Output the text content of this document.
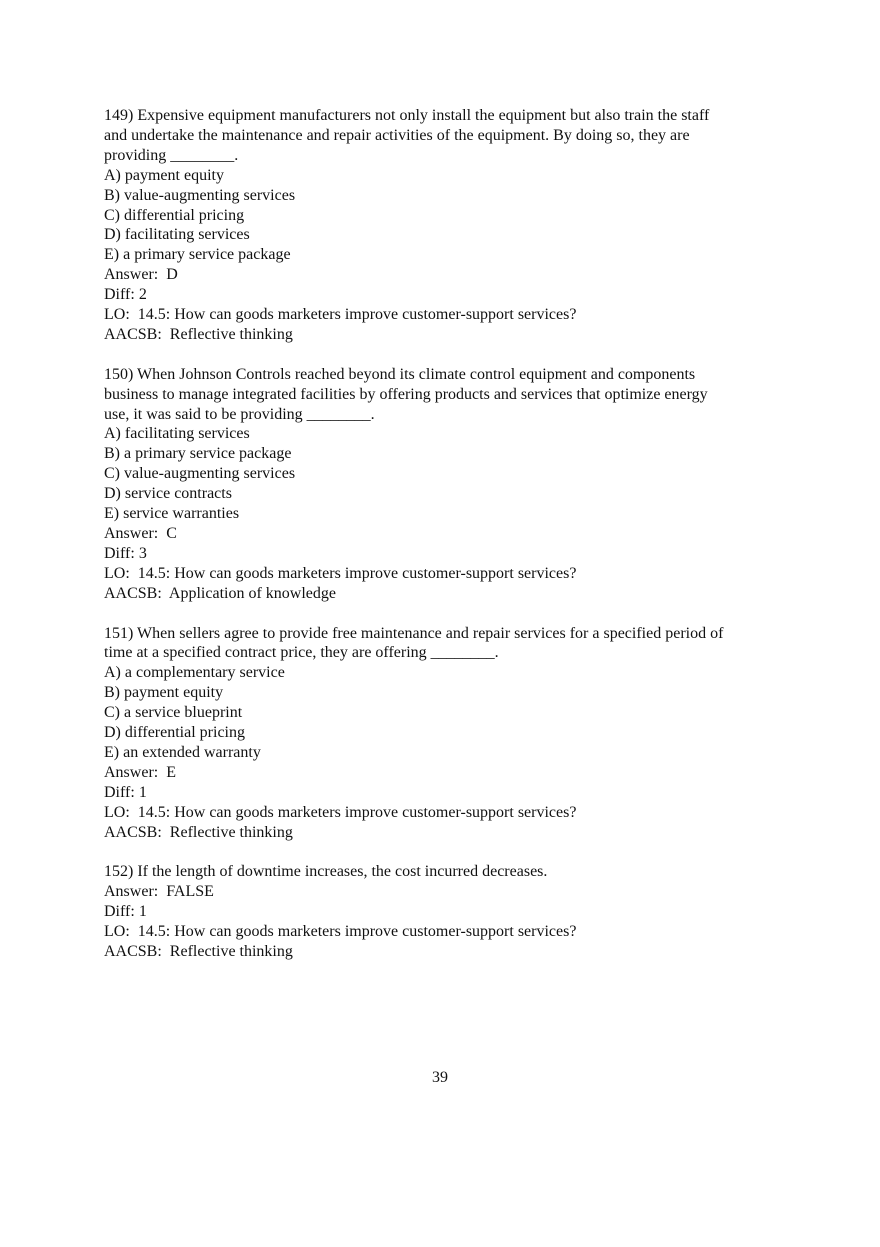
149) Expensive equipment manufacturers not only install the equipment but also train the staff
and undertake the maintenance and repair activities of the equipment. By doing so, they are
providing ________.
A) payment equity
B) value-augmenting services
C) differential pricing
D) facilitating services
E) a primary service package
Answer:  D
Diff: 2
LO:  14.5: How can goods marketers improve customer-support services?
AACSB:  Reflective thinking
150) When Johnson Controls reached beyond its climate control equipment and components
business to manage integrated facilities by offering products and services that optimize energy
use, it was said to be providing ________.
A) facilitating services
B) a primary service package
C) value-augmenting services
D) service contracts
E) service warranties
Answer:  C
Diff: 3
LO:  14.5: How can goods marketers improve customer-support services?
AACSB:  Application of knowledge
151) When sellers agree to provide free maintenance and repair services for a specified period of
time at a specified contract price, they are offering ________.
A) a complementary service
B) payment equity
C) a service blueprint
D) differential pricing
E) an extended warranty
Answer:  E
Diff: 1
LO:  14.5: How can goods marketers improve customer-support services?
AACSB:  Reflective thinking
152) If the length of downtime increases, the cost incurred decreases.
Answer:  FALSE
Diff: 1
LO:  14.5: How can goods marketers improve customer-support services?
AACSB:  Reflective thinking
39
